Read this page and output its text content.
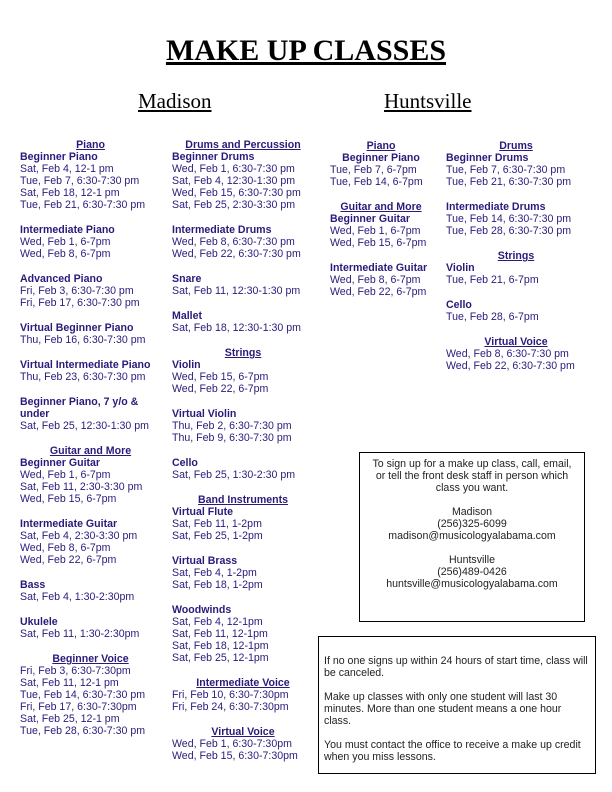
MAKE UP CLASSES
Madison	Huntsville
Piano
Beginner Piano
Sat, Feb 4, 12-1 pm
Tue, Feb 7, 6:30-7:30 pm
Sat, Feb 18, 12-1 pm
Tue, Feb 21, 6:30-7:30 pm
Intermediate Piano
Wed, Feb 1, 6-7pm
Wed, Feb 8, 6-7pm
Advanced Piano
Fri, Feb 3, 6:30-7:30 pm
Fri, Feb 17, 6:30-7:30 pm
Virtual Beginner Piano
Thu, Feb 16, 6:30-7:30 pm
Virtual Intermediate Piano
Thu, Feb 23, 6:30-7:30 pm
Beginner Piano, 7 y/o & under
Sat, Feb 25, 12:30-1:30 pm
Guitar and More
Beginner Guitar
Wed, Feb 1, 6-7pm
Sat, Feb 11, 2:30-3:30 pm
Wed, Feb 15, 6-7pm
Intermediate Guitar
Sat, Feb 4, 2:30-3:30 pm
Wed, Feb 8, 6-7pm
Wed, Feb 22, 6-7pm
Bass
Sat, Feb 4, 1:30-2:30pm
Ukulele
Sat, Feb 11, 1:30-2:30pm
Beginner Voice
Fri, Feb 3, 6:30-7:30pm
Sat, Feb 11, 12-1 pm
Tue, Feb 14, 6:30-7:30 pm
Fri, Feb 17, 6:30-7:30pm
Sat, Feb 25, 12-1 pm
Tue, Feb 28, 6:30-7:30 pm
Drums and Percussion
Beginner Drums
Wed, Feb 1, 6:30-7:30 pm
Sat, Feb 4, 12:30-1:30 pm
Wed, Feb 15, 6:30-7:30 pm
Sat, Feb 25, 2:30-3:30 pm
Intermediate Drums
Wed, Feb 8, 6:30-7:30 pm
Wed, Feb 22, 6:30-7:30 pm
Snare
Sat, Feb 11, 12:30-1:30 pm
Mallet
Sat, Feb 18, 12:30-1:30 pm
Strings
Violin
Wed, Feb 15, 6-7pm
Wed, Feb 22, 6-7pm
Virtual Violin
Thu, Feb 2, 6:30-7:30 pm
Thu, Feb 9, 6:30-7:30 pm
Cello
Sat, Feb 25, 1:30-2:30 pm
Band Instruments
Virtual Flute
Sat, Feb 11, 1-2pm
Sat, Feb 25, 1-2pm
Virtual Brass
Sat, Feb 4, 1-2pm
Sat, Feb 18, 1-2pm
Woodwinds
Sat, Feb 4, 12-1pm
Sat, Feb 11, 12-1pm
Sat, Feb 18, 12-1pm
Sat, Feb 25, 12-1pm
Intermediate Voice
Fri, Feb 10, 6:30-7:30pm
Fri, Feb 24, 6:30-7:30pm
Virtual Voice
Wed, Feb 1, 6:30-7:30pm
Wed, Feb 15, 6:30-7:30pm
Piano
Beginner Piano
Tue, Feb 7, 6-7pm
Tue, Feb 14, 6-7pm
Guitar and More
Beginner Guitar
Wed, Feb 1, 6-7pm
Wed, Feb 15, 6-7pm
Intermediate Guitar
Wed, Feb 8, 6-7pm
Wed, Feb 22, 6-7pm
Drums
Beginner Drums
Tue, Feb 7, 6:30-7:30 pm
Tue, Feb 21, 6:30-7:30 pm
Intermediate Drums
Tue, Feb 14, 6:30-7:30 pm
Tue, Feb 28, 6:30-7:30 pm
Strings
Violin
Tue, Feb 21, 6-7pm
Cello
Tue, Feb 28, 6-7pm
Virtual Voice
Wed, Feb 8, 6:30-7:30 pm
Wed, Feb 22, 6:30-7:30 pm
To sign up for a make up class, call, email, or tell the front desk staff in person which class you want.
Madison
(256)325-6099
madison@musicologyalabama.com
Huntsville
(256)489-0426
huntsville@musicologyalabama.com
If no one signs up within 24 hours of start time, class will be canceled.
Make up classes with only one student will last 30 minutes. More than one student means a one hour class.
You must contact the office to receive a make up credit when you miss lessons.
